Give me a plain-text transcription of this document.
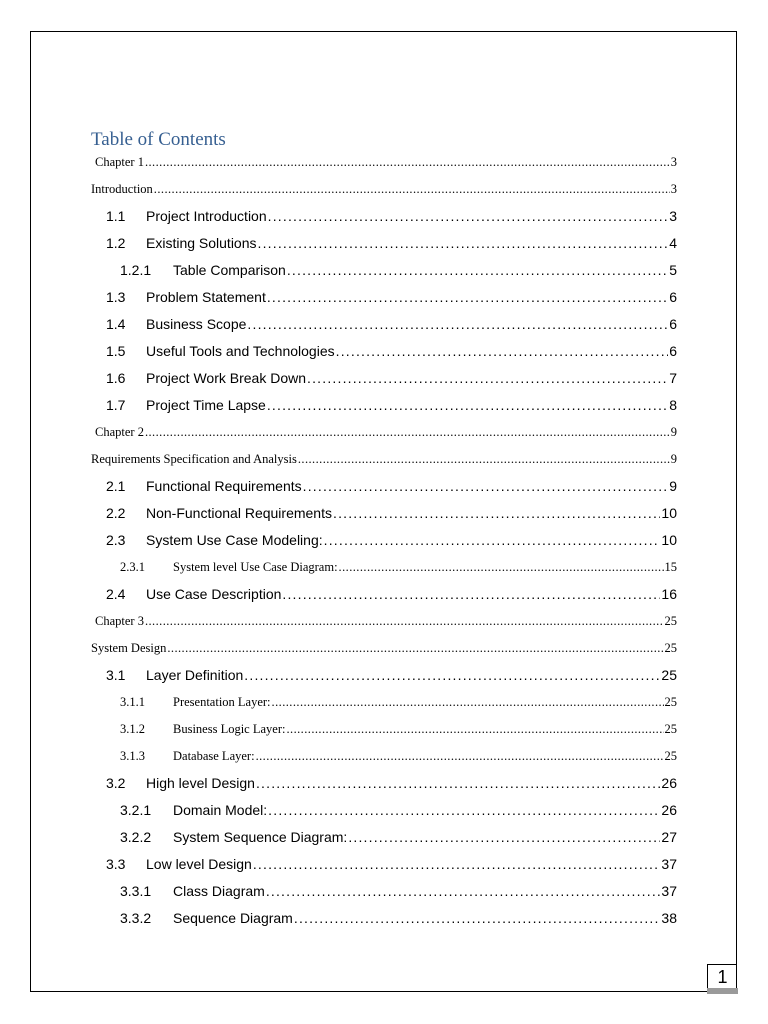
Table of Contents
Chapter 1 . . .	3
Introduction . . .	3
1.1	Project Introduction . . .	3
1.2	Existing Solutions . . .	4
1.2.1	Table Comparison . . .	5
1.3	Problem Statement . . .	6
1.4	Business Scope . . .	6
1.5	Useful Tools and Technologies . . .	6
1.6	Project Work Break Down . . .	7
1.7	Project Time Lapse . . .	8
Chapter 2 . . .	9
Requirements Specification and Analysis . . .	9
2.1	Functional Requirements . . .	9
2.2	Non-Functional Requirements . . .	10
2.3	System Use Case Modeling: . . .	10
2.3.1	System level Use Case Diagram: . . .	15
2.4	Use Case Description . . .	16
Chapter 3 . . .	25
System Design . . .	25
3.1	Layer Definition . . .	25
3.1.1	Presentation Layer: . . .	25
3.1.2	Business Logic Layer: . . .	25
3.1.3	Database Layer: . . .	25
3.2	High level Design . . .	26
3.2.1	Domain Model: . . .	26
3.2.2	System Sequence Diagram: . . .	27
3.3	Low level Design . . .	37
3.3.1	Class Diagram . . .	37
3.3.2	Sequence Diagram . . .	38
1
